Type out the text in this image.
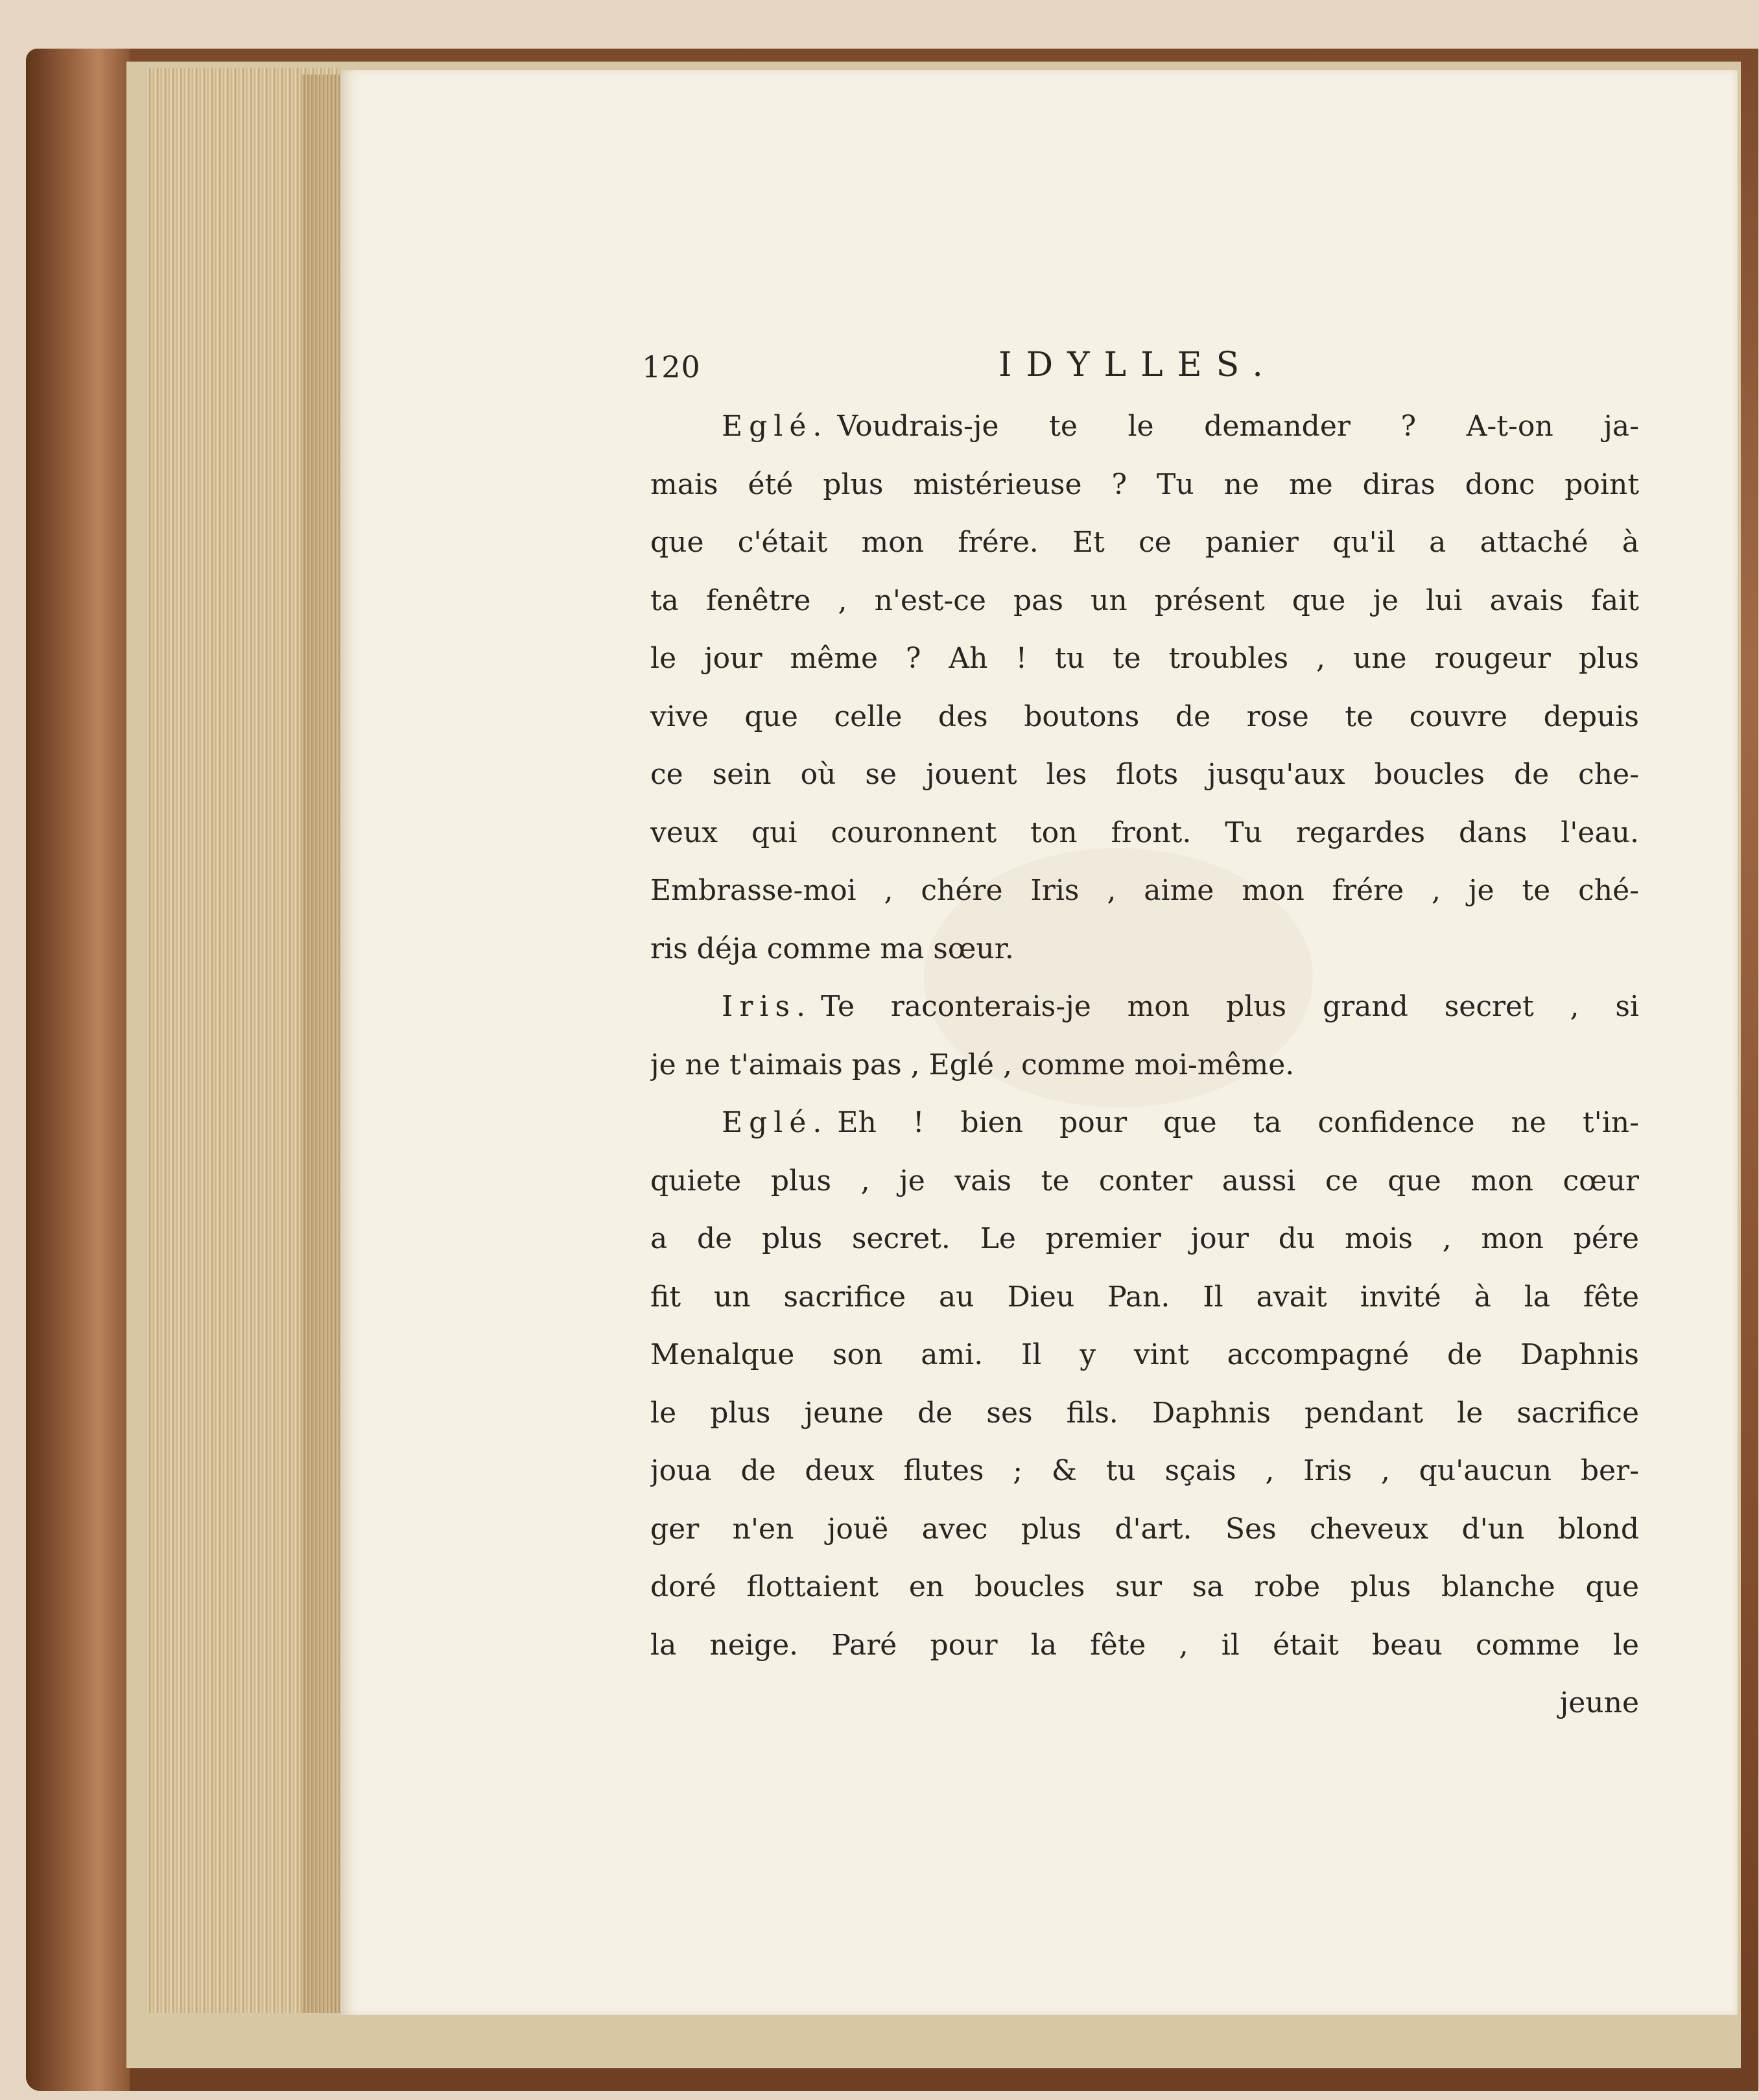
120	IDYLLES.
Eglé. Voudrais-je te le demander ? A-t-on ja-
mais été plus mistérieuse ? Tu ne me diras donc point
que c'était mon frére. Et ce panier qu'il a attaché à
ta fenêtre , n'est-ce pas un présent que je lui avais fait
le jour même ? Ah ! tu te troubles , une rougeur plus
vive que celle des boutons de rose te couvre depuis
ce sein où se jouent les flots jusqu'aux boucles de che-
veux qui couronnent ton front. Tu regardes dans l'eau.
Embrasse-moi , chére Iris , aime mon frére , je te ché-
ris déja comme ma sœur.
Iris. Te raconterais-je mon plus grand secret , si
je ne t'aimais pas , Eglé , comme moi-même.
Eglé. Eh ! bien pour que ta confidence ne t'in-
quiete plus , je vais te conter aussi ce que mon cœur
a de plus secret. Le premier jour du mois , mon pére
fit un sacrifice au Dieu Pan. Il avait invité à la fête
Menalque son ami. Il y vint accompagné de Daphnis
le plus jeune de ses fils. Daphnis pendant le sacrifice
joua de deux flutes ; & tu sçais , Iris , qu'aucun ber-
ger n'en jouë avec plus d'art. Ses cheveux d'un blond
doré flottaient en boucles sur sa robe plus blanche que
la neige. Paré pour la fête , il était beau comme le
jeune
